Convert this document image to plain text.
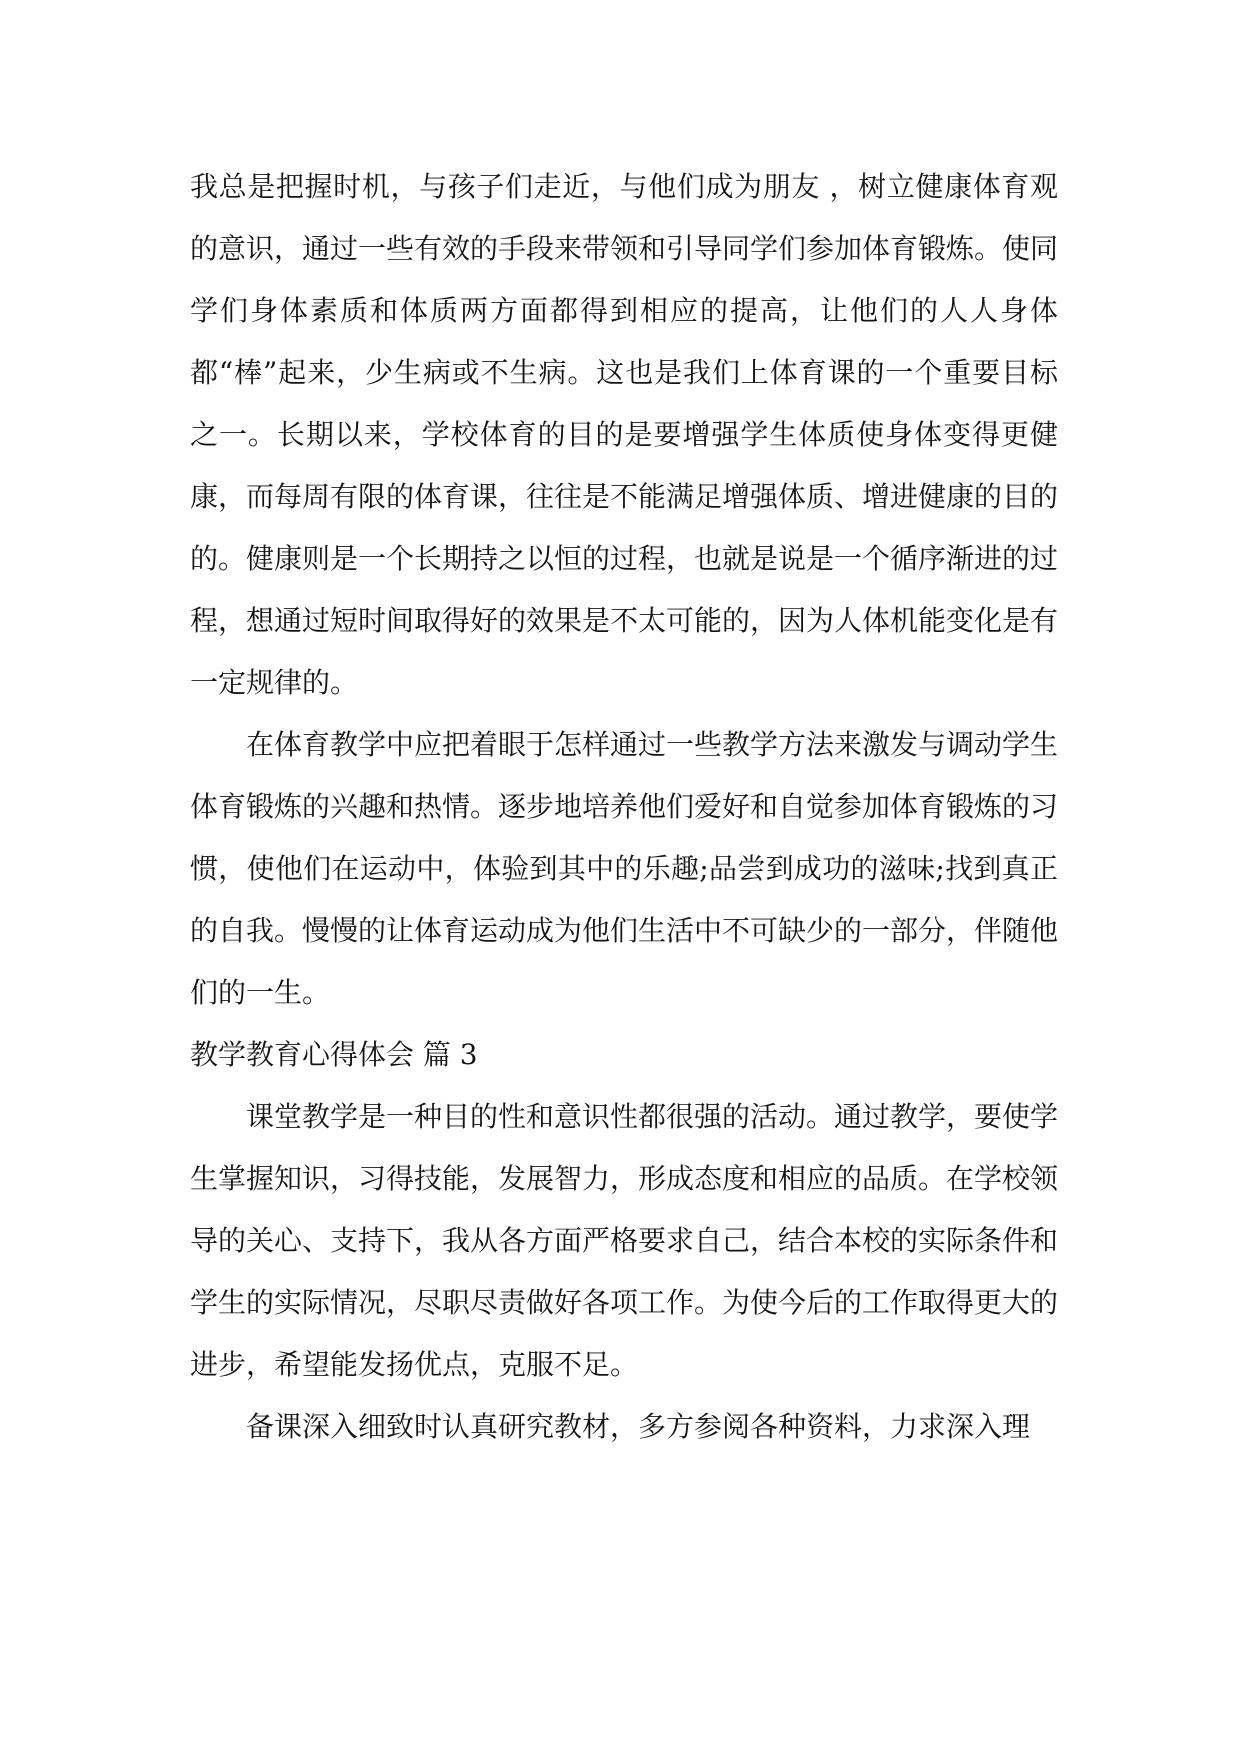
我总是把握时机，与孩子们走近，与他们成为朋友 ，树立健康体育观的意识，通过一些有效的手段来带领和引导同学们参加体育锻炼。使同学们身体素质和体质两方面都得到相应的提高，让他们的人人身体都“棒”起来，少生病或不生病。这也是我们上体育课的一个重要目标之一。长期以来，学校体育的目的是要增强学生体质使身体变得更健康，而每周有限的体育课，往往是不能满足增强体质、增进健康的目的的。健康则是一个长期持之以恒的过程，也就是说是一个循序渐进的过程，想通过短时间取得好的效果是不太可能的，因为人体机能变化是有一定规律的。

在体育教学中应把着眼于怎样通过一些教学方法来激发与调动学生体育锻炼的兴趣和热情。逐步地培养他们爱好和自觉参加体育锻炼的习惯，使他们在运动中，体验到其中的乐趣;品尝到成功的滋味;找到真正的自我。慢慢的让体育运动成为他们生活中不可缺少的一部分，伴随他们的一生。

教学教育心得体会 篇 3

课堂教学是一种目的性和意识性都很强的活动。通过教学，要使学生掌握知识，习得技能，发展智力，形成态度和相应的品质。在学校领导的关心、支持下，我从各方面严格要求自己，结合本校的实际条件和学生的实际情况，尽职尽责做好各项工作。为使今后的工作取得更大的进步，希望能发扬优点，克服不足。

备课深入细致时认真研究教材，多方参阅各种资料，力求深入理
